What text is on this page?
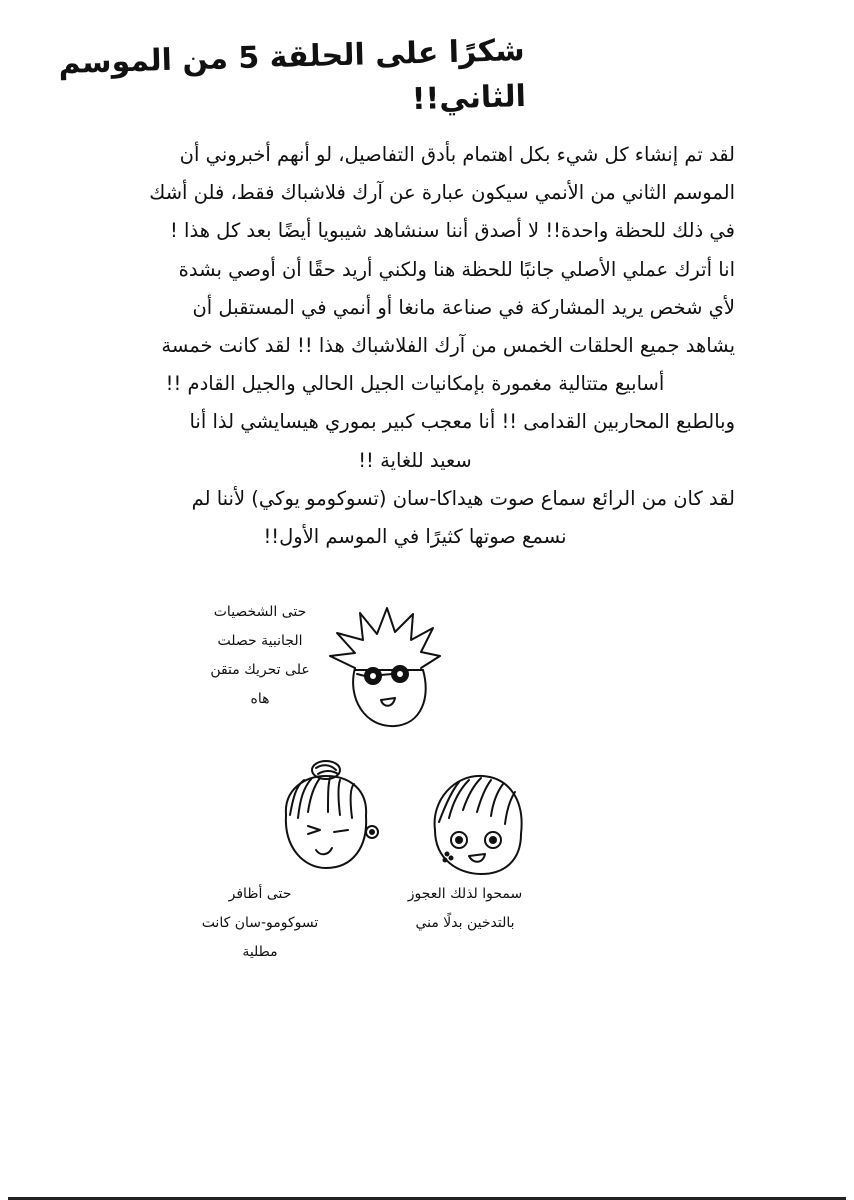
شكرًا على الحلقة 5 من الموسم الثاني!!
لقد تم إنشاء كل شيء بكل اهتمام بأدق التفاصيل، لو أنهم أخبروني أن
الموسم الثاني من الأنمي سيكون عبارة عن آرك فلاشباك فقط، فلن أشك
في ذلك للحظة واحدة!! لا أصدق أننا سنشاهد شيبويا أيضًا بعد كل هذا !
انا أترك عملي الأصلي جانبًا للحظة هنا ولكني أريد حقًا أن أوصي بشدة
لأي شخص يريد المشاركة في صناعة مانغا أو أنمي في المستقبل أن
يشاهد جميع الحلقات الخمس من آرك الفلاشباك هذا !! لقد كانت خمسة
أسابيع متتالية مغمورة بإمكانيات الجيل الحالي والجيل القادم !!
وبالطبع المحاربين القدامى !! أنا معجب كبير بموري هيسايشي لذا أنا
سعيد للغاية !!
لقد كان من الرائع سماع صوت هيداكا-سان (تسوكومو يوكي) لأننا لم
نسمع صوتها كثيرًا في الموسم الأول!!
حتى الشخصيات
الجانبية حصلت
على تحريك متقن
هاه
حتى أظافر
تسوكومو-سان كانت
مطلية
سمحوا لذلك العجوز
بالتدخين بدلًا مني
